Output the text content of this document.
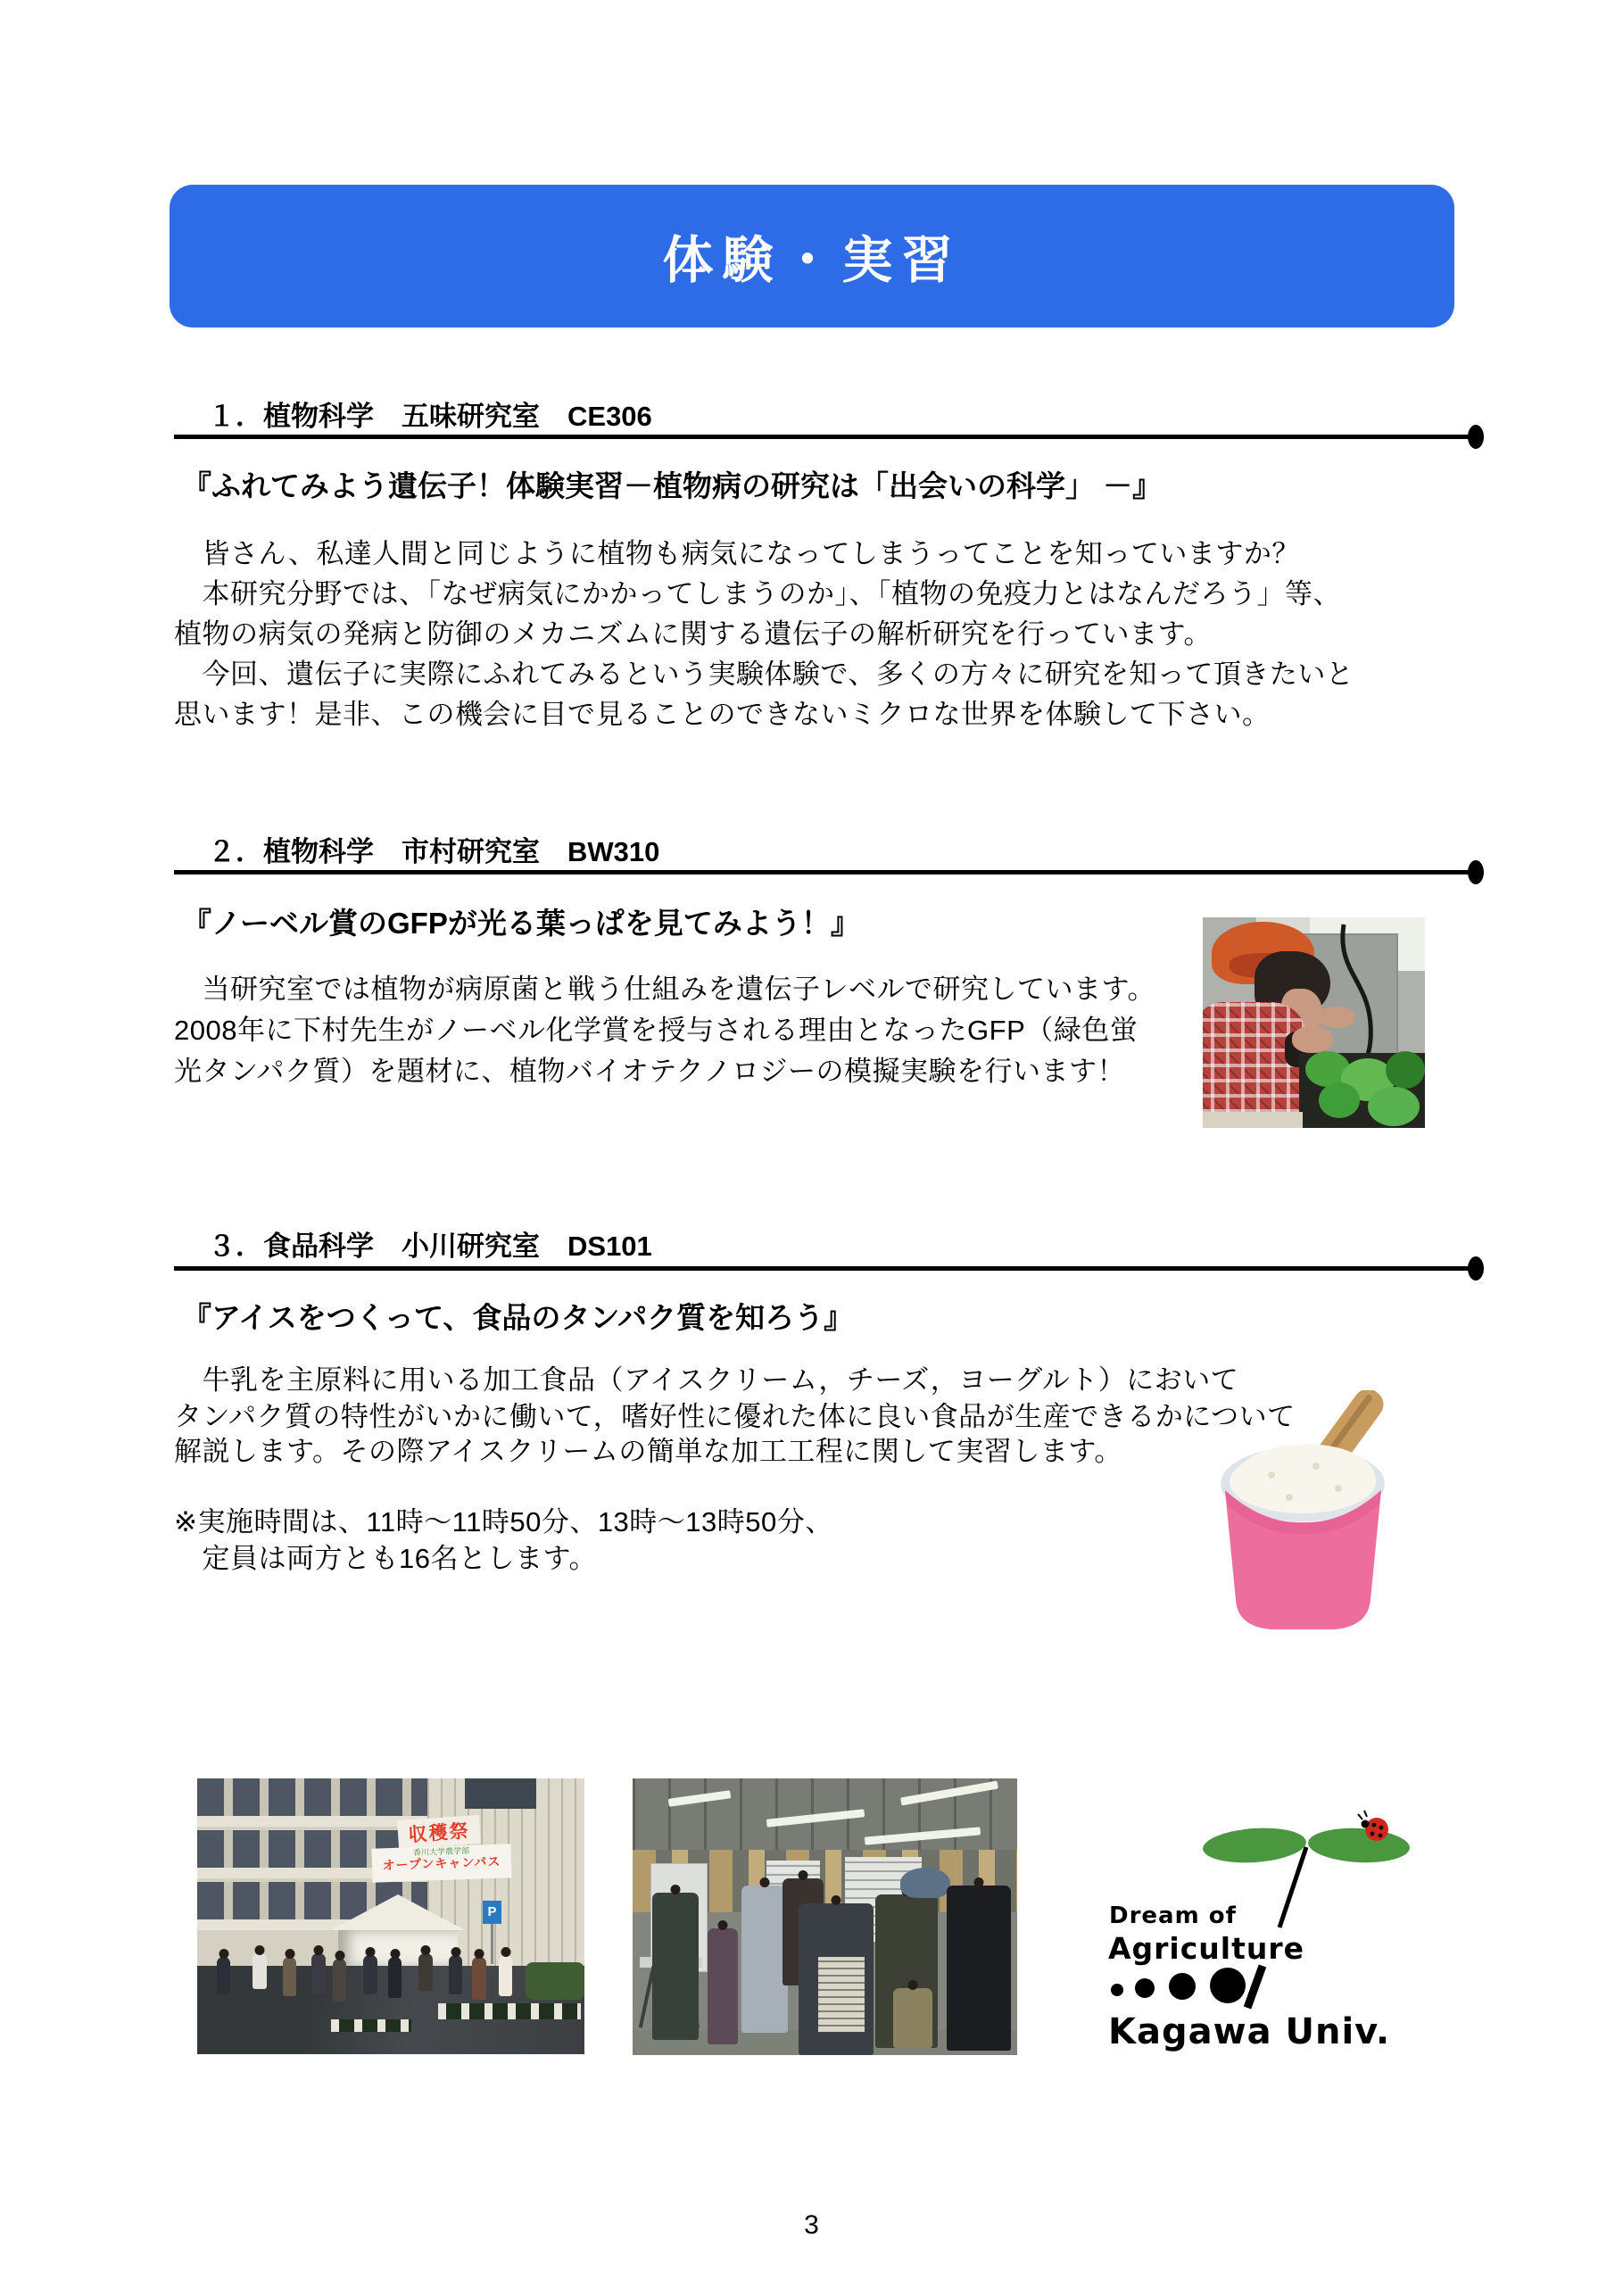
体験・実習
１．植物科学　五味研究室　CE306
『ふれてみよう遺伝子！体験実習－植物病の研究は「出会いの科学」 －』
　皆さん、私達人間と同じように植物も病気になってしまうってことを知っていますか？
　本研究分野では、「なぜ病気にかかってしまうのか」、「植物の免疫力とはなんだろう」等、
植物の病気の発病と防御のメカニズムに関する遺伝子の解析研究を行っています。
　今回、遺伝子に実際にふれてみるという実験体験で、多くの方々に研究を知って頂きたいと
思います！是非、この機会に目で見ることのできないミクロな世界を体験して下さい。
２．植物科学　市村研究室　BW310
『ノーベル賞のGFPが光る葉っぱを見てみよう！』
　当研究室では植物が病原菌と戦う仕組みを遺伝子レベルで研究しています。
2008年に下村先生がノーベル化学賞を授与される理由となったGFP（緑色蛍
光タンパク質）を題材に、植物バイオテクノロジーの模擬実験を行います！
３．食品科学　小川研究室　DS101
『アイスをつくって、食品のタンパク質を知ろう』
　牛乳を主原料に用いる加工食品（アイスクリーム，チーズ，ヨーグルト）において
タンパク質の特性がいかに働いて，嗜好性に優れた体に良い食品が生産できるかについて
解説します。その際アイスクリームの簡単な加工工程に関して実習します。
※実施時間は、11時～11時50分、13時～13時50分、
　定員は両方とも16名とします。
収穫祭
香川大学農学部
オープンキャンパス
P	Dream of
Agriculture
Kagawa Univ.
3
